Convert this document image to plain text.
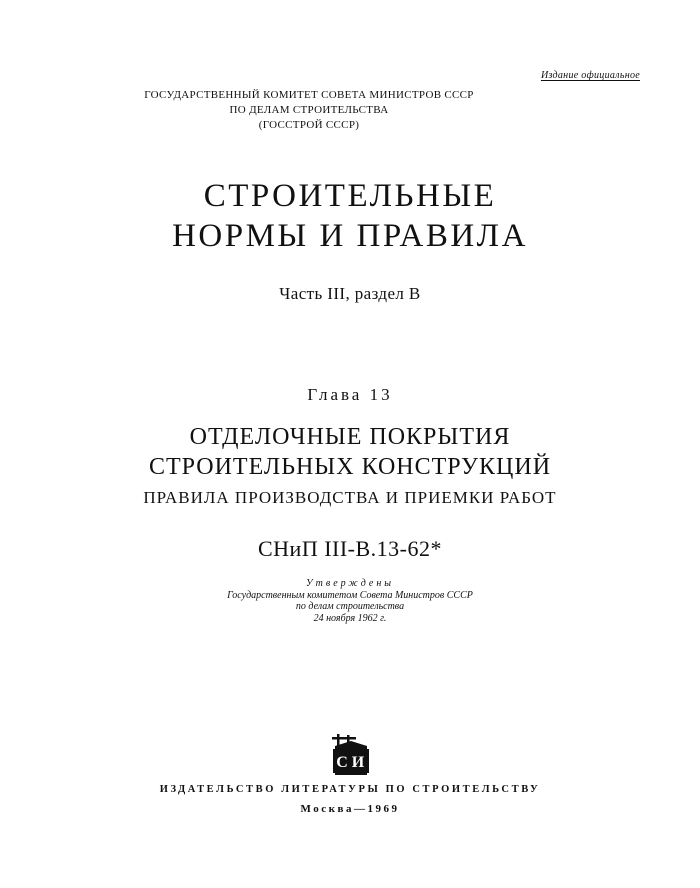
Издание официальное
ГОСУДАРСТВЕННЫЙ КОМИТЕТ СОВЕТА МИНИСТРОВ СССР
ПО ДЕЛАМ СТРОИТЕЛЬСТВА
(ГОССТРОЙ СССР)
СТРОИТЕЛЬНЫЕ
НОРМЫ И ПРАВИЛА
Часть III, раздел В
Глава 13
ОТДЕЛОЧНЫЕ ПОКРЫТИЯ
СТРОИТЕЛЬНЫХ КОНСТРУКЦИЙ
ПРАВИЛА ПРОИЗВОДСТВА И ПРИЕМКИ РАБОТ
СНиП III-В.13-62*
Утверждены
Государственным комитетом Совета Министров СССР
по делам строительства
24 ноября 1962 г.
С И
ИЗДАТЕЛЬСТВО ЛИТЕРАТУРЫ ПО СТРОИТЕЛЬСТВУ
Москва—1969
